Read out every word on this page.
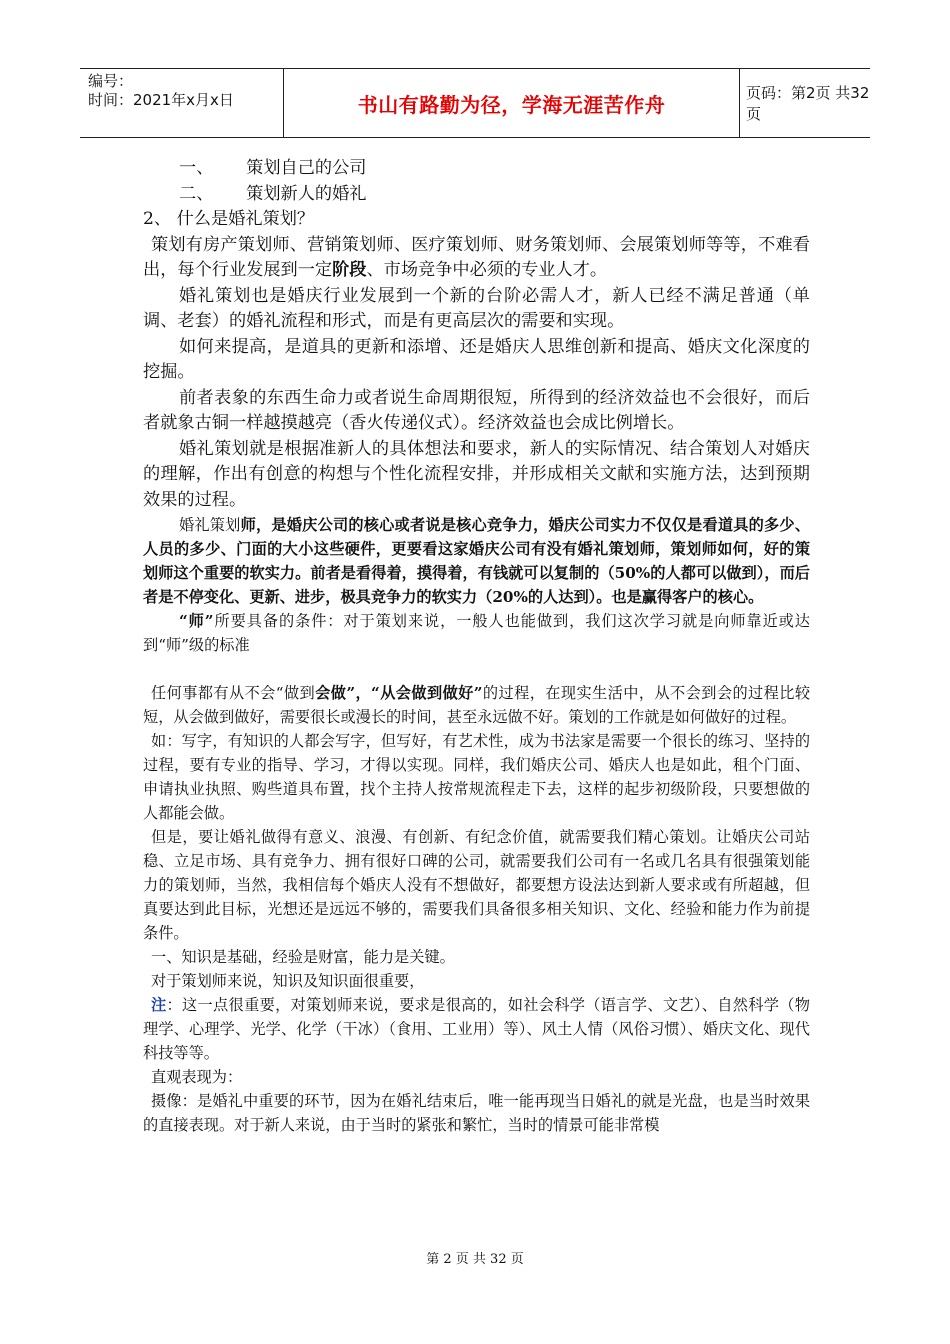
编号：
时间：2021年x月x日	书山有路勤为径，学海无涯苦作舟	页码：第2页 共32页

一、      策划自己的公司

二、      策划新人的婚礼

2、 什么是婚礼策划？

策划有房产策划师、营销策划师、医疗策划师、财务策划师、会展策划师等等，不难看出，每个行业发展到一定阶段、市场竞争中必须的专业人才。

婚礼策划也是婚庆行业发展到一个新的台阶必需人才，新人已经不满足普通（单调、老套）的婚礼流程和形式，而是有更高层次的需要和实现。

如何来提高，是道具的更新和添增、还是婚庆人思维创新和提高、婚庆文化深度的挖掘。

前者表象的东西生命力或者说生命周期很短，所得到的经济效益也不会很好，而后者就象古铜一样越摸越亮（香火传递仪式）。经济效益也会成比例增长。

婚礼策划就是根据准新人的具体想法和要求，新人的实际情况、结合策划人对婚庆的理解，作出有创意的构想与个性化流程安排，并形成相关文献和实施方法，达到预期效果的过程。

婚礼策划师，是婚庆公司的核心或者说是核心竞争力，婚庆公司实力不仅仅是看道具的多少、人员的多少、门面的大小这些硬件，更要看这家婚庆公司有没有婚礼策划师，策划师如何，好的策划师这个重要的软实力。前者是看得着，摸得着，有钱就可以复制的（50%的人都可以做到），而后者是不停变化、更新、进步，极具竞争力的软实力（20%的人达到）。也是赢得客户的核心。

“师”所要具备的条件：对于策划来说，一般人也能做到，我们这次学习就是向师靠近或达到“师”级的标准

任何事都有从不会“做到会做”，“从会做到做好”的过程，在现实生活中，从不会到会的过程比较短，从会做到做好，需要很长或漫长的时间，甚至永远做不好。策划的工作就是如何做好的过程。

如：写字，有知识的人都会写字，但写好，有艺术性，成为书法家是需要一个很长的练习、坚持的过程，要有专业的指导、学习，才得以实现。同样，我们婚庆公司、婚庆人也是如此，租个门面、申请执业执照、购些道具布置，找个主持人按常规流程走下去，这样的起步初级阶段，只要想做的人都能会做。

但是，要让婚礼做得有意义、浪漫、有创新、有纪念价值，就需要我们精心策划。让婚庆公司站稳、立足市场、具有竞争力、拥有很好口碑的公司，就需要我们公司有一名或几名具有很强策划能力的策划师，当然，我相信每个婚庆人没有不想做好，都要想方设法达到新人要求或有所超越，但真要达到此目标，光想还是远远不够的，需要我们具备很多相关知识、文化、经验和能力作为前提条件。

一、知识是基础，经验是财富，能力是关键。

对于策划师来说，知识及知识面很重要，

注：这一点很重要，对策划师来说，要求是很高的，如社会科学（语言学、文艺）、自然科学（物理学、心理学、光学、化学（干冰）（食用、工业用）等）、风土人情（风俗习惯）、婚庆文化、现代科技等等。

直观表现为：

摄像：是婚礼中重要的环节，因为在婚礼结束后，唯一能再现当日婚礼的就是光盘，也是当时效果的直接表现。对于新人来说，由于当时的紧张和繁忙，当时的情景可能非常模

第 2 页 共 32 页
